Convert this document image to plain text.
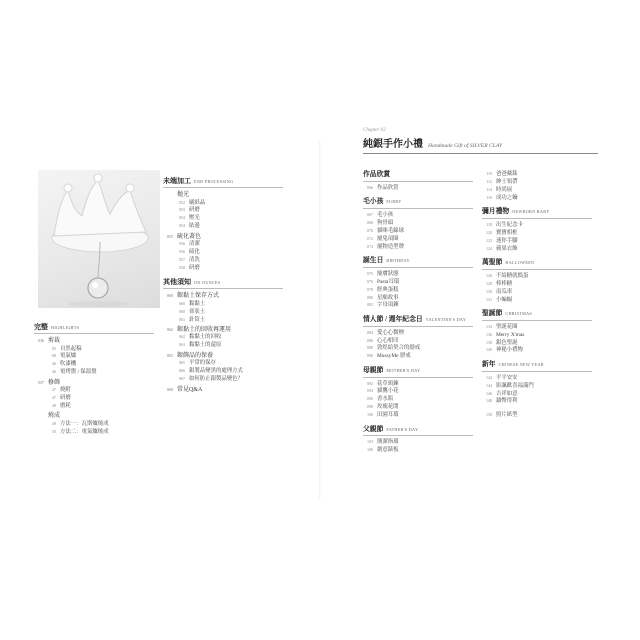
完整 HIGHLIGHTS
036 剪裁
05 自然起稿
08 電氣爐
46 吹漆機
46 電烤盤 / 保溫盤
037 修飾
47 燒附
47 研磨
48 磨耗
燒成
49 方法一：瓦斯爐燒成
50 方法二：電氣爐燒成
未端加工 END PROCESSING
拋光
052 刷紙晶
053 研磨
054 壓光
054 貼邊
055 硫化著色
056 清潔
056 硫化
057 清洗
058 研磨
其他須知 ON OUNCES
060 銀黏土保存方式
060 黏黏土
060 膏狀土
061 針筒土
062 銀黏土的回收再運用
062 黏黏土的回收
063 黏黏土的還原
065 銀飾品的保養
065 平常的保存
066 銀製品變黑的處理方式
067 如何防止銀製品變色？
068 常見Q&A
Chapter 02
純銀手作小禮 Handmade Gift of SILVER CLAY
作品欣賞
066 作品欣賞
毛小孩 FURRY
067 毛小孩
068 狗骨頭
070 貓咪毛線球
072 寵兔項圈
074 寵物造型牌
誕生日 BIRTHDAY
075 寵膚狀態
076 Pasta耳環
078 經典蛋糕
080 星願故事
082 字母項鍊
情人節 / 週年紀念日 VALENTINE'S DAY
084 愛心心微煙
086 心心相印
088 敦煌給契合的婚戒
090 MussyMe 戀戒
母親節 MOTHER'S DAY
092 花草頸鍊
094 貓鷹小花
096 香水瓶
098 玫瑰花閒
100 田園耳環
父親節 FATHER'S DAY
103 簡潔指環
106 創意錶板
110 爸爸戴錶
112 紳士領帶
114 時尚展
116 成功之鑰
彌月禮物 NEWBORN BABY
118 出生紀念卡
120 寶寶相框
122 迷你手腳
124 蘋果衣飾
萬聖節 HALLOWEEN
126 不給糖就搗蛋
128 棒棒糖
130 南瓜車
131 小蝙蝠
聖誕節 CHRISTMAS
134 聖誕花圈
136 Merry X'mas
138 銀色聖誕
140 神秘小禮物
新年 CHINESE NEW YEAR
142 平平安安
144 影諷歡喜福滿門
146 吉祥如意
148 鑄幣得利
150 照片紙型
